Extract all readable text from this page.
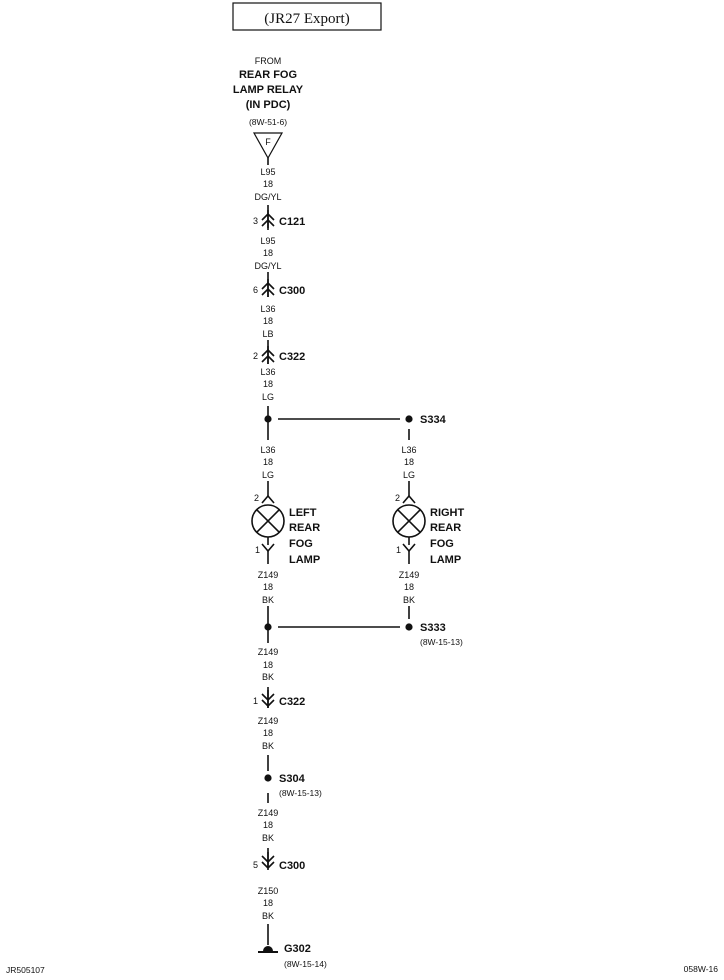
(JR27 Export)
FROM
REAR FOG
LAMP RELAY
(IN PDC)
(8W-51-6)
F
L95
18
DG/YL
L95
18
DG/YL
L36
18
LB
L36
18
LG
L36
18
LG
L36
18
LG
Z149
18
BK
Z149
18
BK
Z149
18
BK
Z149
18
BK
Z149
18
BK
Z150
18
BK
3 C121
6 C300
2 C322
S334
2
1
LEFT
REAR
FOG
LAMP
2
1
RIGHT
REAR
FOG
LAMP
S333
(8W-15-13)
1 C322
S304
(8W-15-13)
5 C300
G302
(8W-15-14)
JR505107	058W-16
